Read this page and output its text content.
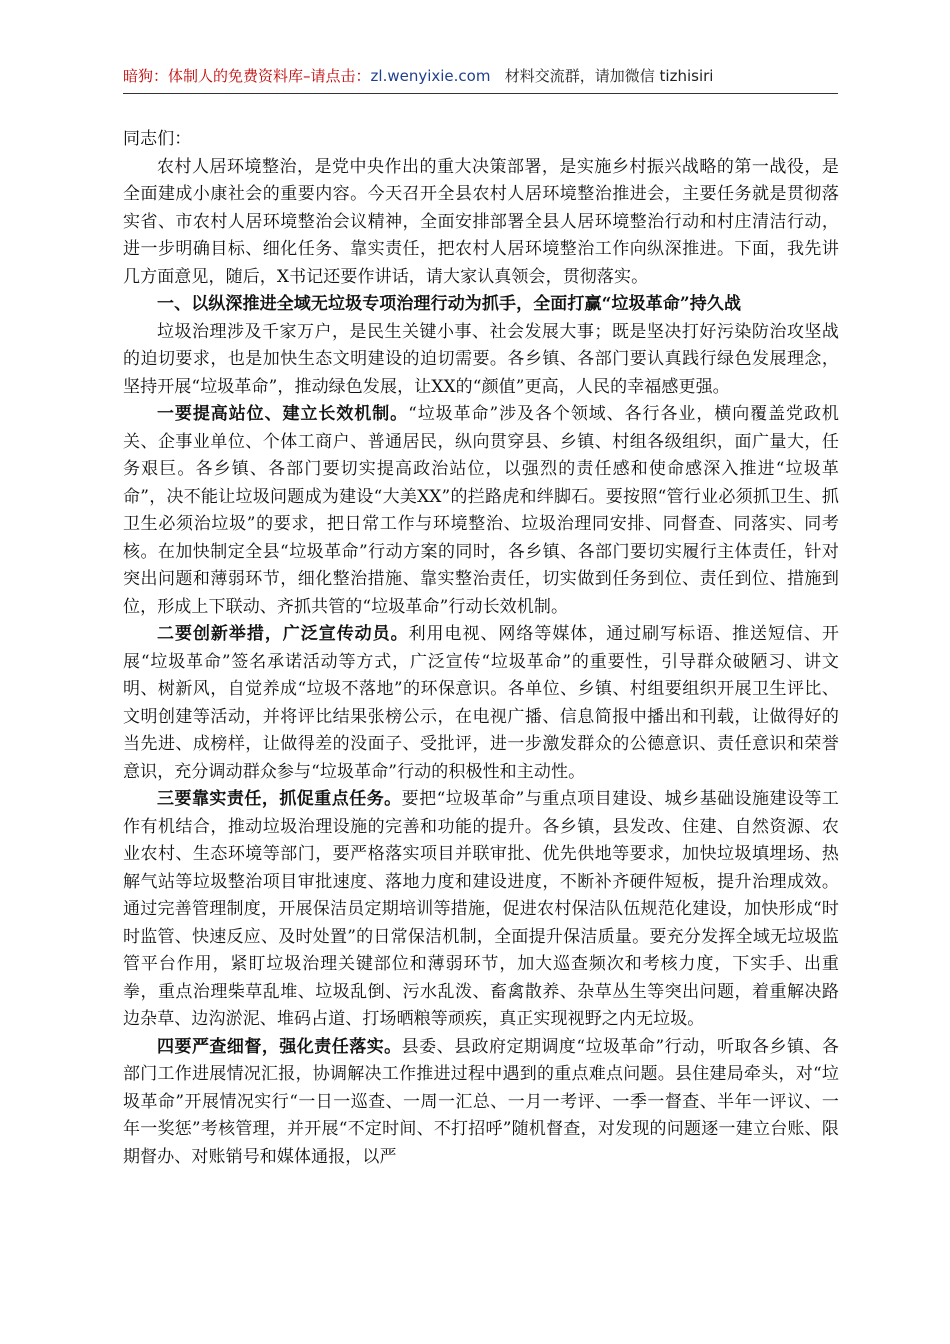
暗狗：体制人的免费资料库–请点击：zl.wenyixie.com 材料交流群，请加微信 tizhisiri

同志们：

农村人居环境整治，是党中央作出的重大决策部署，是实施乡村振兴战略的第一战役，是全面建成小康社会的重要内容。今天召开全县农村人居环境整治推进会，主要任务就是贯彻落实省、市农村人居环境整治会议精神，全面安排部署全县人居环境整治行动和村庄清洁行动，进一步明确目标、细化任务、靠实责任，把农村人居环境整治工作向纵深推进。下面，我先讲几方面意见，随后，X书记还要作讲话，请大家认真领会，贯彻落实。

一、以纵深推进全域无垃圾专项治理行动为抓手，全面打赢“垃圾革命”持久战

垃圾治理涉及千家万户，是民生关键小事、社会发展大事；既是坚决打好污染防治攻坚战的迫切要求，也是加快生态文明建设的迫切需要。各乡镇、各部门要认真践行绿色发展理念，坚持开展“垃圾革命”，推动绿色发展，让XX的“颜值”更高，人民的幸福感更强。

一要提高站位、建立长效机制。“垃圾革命”涉及各个领域、各行各业，横向覆盖党政机关、企事业单位、个体工商户、普通居民，纵向贯穿县、乡镇、村组各级组织，面广量大，任务艰巨。各乡镇、各部门要切实提高政治站位，以强烈的责任感和使命感深入推进“垃圾革命”，决不能让垃圾问题成为建设“大美XX”的拦路虎和绊脚石。要按照“管行业必须抓卫生、抓卫生必须治垃圾”的要求，把日常工作与环境整治、垃圾治理同安排、同督查、同落实、同考核。在加快制定全县“垃圾革命”行动方案的同时，各乡镇、各部门要切实履行主体责任，针对突出问题和薄弱环节，细化整治措施、靠实整治责任，切实做到任务到位、责任到位、措施到位，形成上下联动、齐抓共管的“垃圾革命”行动长效机制。

二要创新举措，广泛宣传动员。利用电视、网络等媒体，通过刷写标语、推送短信、开展“垃圾革命”签名承诺活动等方式，广泛宣传“垃圾革命”的重要性，引导群众破陋习、讲文明、树新风，自觉养成“垃圾不落地”的环保意识。各单位、乡镇、村组要组织开展卫生评比、文明创建等活动，并将评比结果张榜公示，在电视广播、信息简报中播出和刊载，让做得好的当先进、成榜样，让做得差的没面子、受批评，进一步激发群众的公德意识、责任意识和荣誉意识，充分调动群众参与“垃圾革命”行动的积极性和主动性。

三要靠实责任，抓促重点任务。要把“垃圾革命”与重点项目建设、城乡基础设施建设等工作有机结合，推动垃圾治理设施的完善和功能的提升。各乡镇，县发改、住建、自然资源、农业农村、生态环境等部门，要严格落实项目并联审批、优先供地等要求，加快垃圾填埋场、热解气站等垃圾整治项目审批速度、落地力度和建设进度，不断补齐硬件短板，提升治理成效。通过完善管理制度，开展保洁员定期培训等措施，促进农村保洁队伍规范化建设，加快形成“时时监管、快速反应、及时处置”的日常保洁机制，全面提升保洁质量。要充分发挥全域无垃圾监管平台作用，紧盯垃圾治理关键部位和薄弱环节，加大巡查频次和考核力度，下实手、出重拳，重点治理柴草乱堆、垃圾乱倒、污水乱泼、畜禽散养、杂草丛生等突出问题，着重解决路边杂草、边沟淤泥、堆码占道、打场晒粮等顽疾，真正实现视野之内无垃圾。

四要严查细督，强化责任落实。县委、县政府定期调度“垃圾革命”行动，听取各乡镇、各部门工作进展情况汇报，协调解决工作推进过程中遇到的重点难点问题。县住建局牵头，对“垃圾革命”开展情况实行“一日一巡查、一周一汇总、一月一考评、一季一督查、半年一评议、一年一奖惩”考核管理，并开展“不定时间、不打招呼”随机督查，对发现的问题逐一建立台账、限期督办、对账销号和媒体通报，以严
